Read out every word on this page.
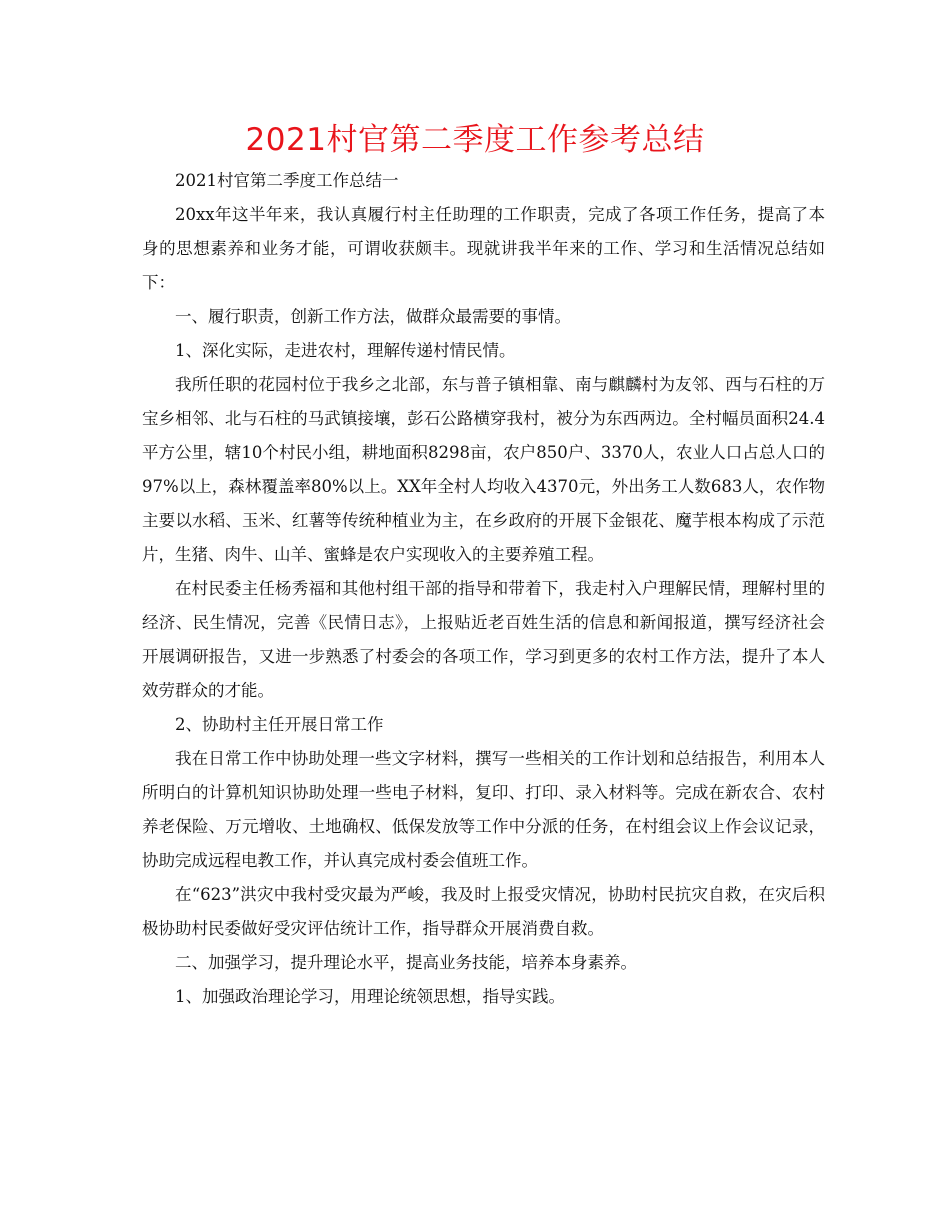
2021村官第二季度工作参考总结

2021村官第二季度工作总结一

20xx年这半年来，我认真履行村主任助理的工作职责，完成了各项工作任务，提高了本身的思想素养和业务才能，可谓收获颇丰。现就讲我半年来的工作、学习和生活情况总结如下：

一、履行职责，创新工作方法，做群众最需要的事情。

1、深化实际，走进农村，理解传递村情民情。

我所任职的花园村位于我乡之北部，东与普子镇相靠、南与麒麟村为友邻、西与石柱的万宝乡相邻、北与石柱的马武镇接壤，彭石公路横穿我村，被分为东西两边。全村幅员面积24.4平方公里，辖10个村民小组，耕地面积8298亩，农户850户、3370人，农业人口占总人口的97%以上，森林覆盖率80%以上。XX年全村人均收入4370元，外出务工人数683人，农作物主要以水稻、玉米、红薯等传统种植业为主，在乡政府的开展下金银花、魔芋根本构成了示范片，生猪、肉牛、山羊、蜜蜂是农户实现收入的主要养殖工程。

在村民委主任杨秀福和其他村组干部的指导和带着下，我走村入户理解民情，理解村里的经济、民生情况，完善《民情日志》，上报贴近老百姓生活的信息和新闻报道，撰写经济社会开展调研报告，又进一步熟悉了村委会的各项工作，学习到更多的农村工作方法，提升了本人效劳群众的才能。

2、协助村主任开展日常工作

我在日常工作中协助处理一些文字材料，撰写一些相关的工作计划和总结报告，利用本人所明白的计算机知识协助处理一些电子材料，复印、打印、录入材料等。完成在新农合、农村养老保险、万元增收、土地确权、低保发放等工作中分派的任务，在村组会议上作会议记录，协助完成远程电教工作，并认真完成村委会值班工作。

在“623”洪灾中我村受灾最为严峻，我及时上报受灾情况，协助村民抗灾自救，在灾后积极协助村民委做好受灾评估统计工作，指导群众开展消费自救。

二、加强学习，提升理论水平，提高业务技能，培养本身素养。

1、加强政治理论学习，用理论统领思想，指导实践。
